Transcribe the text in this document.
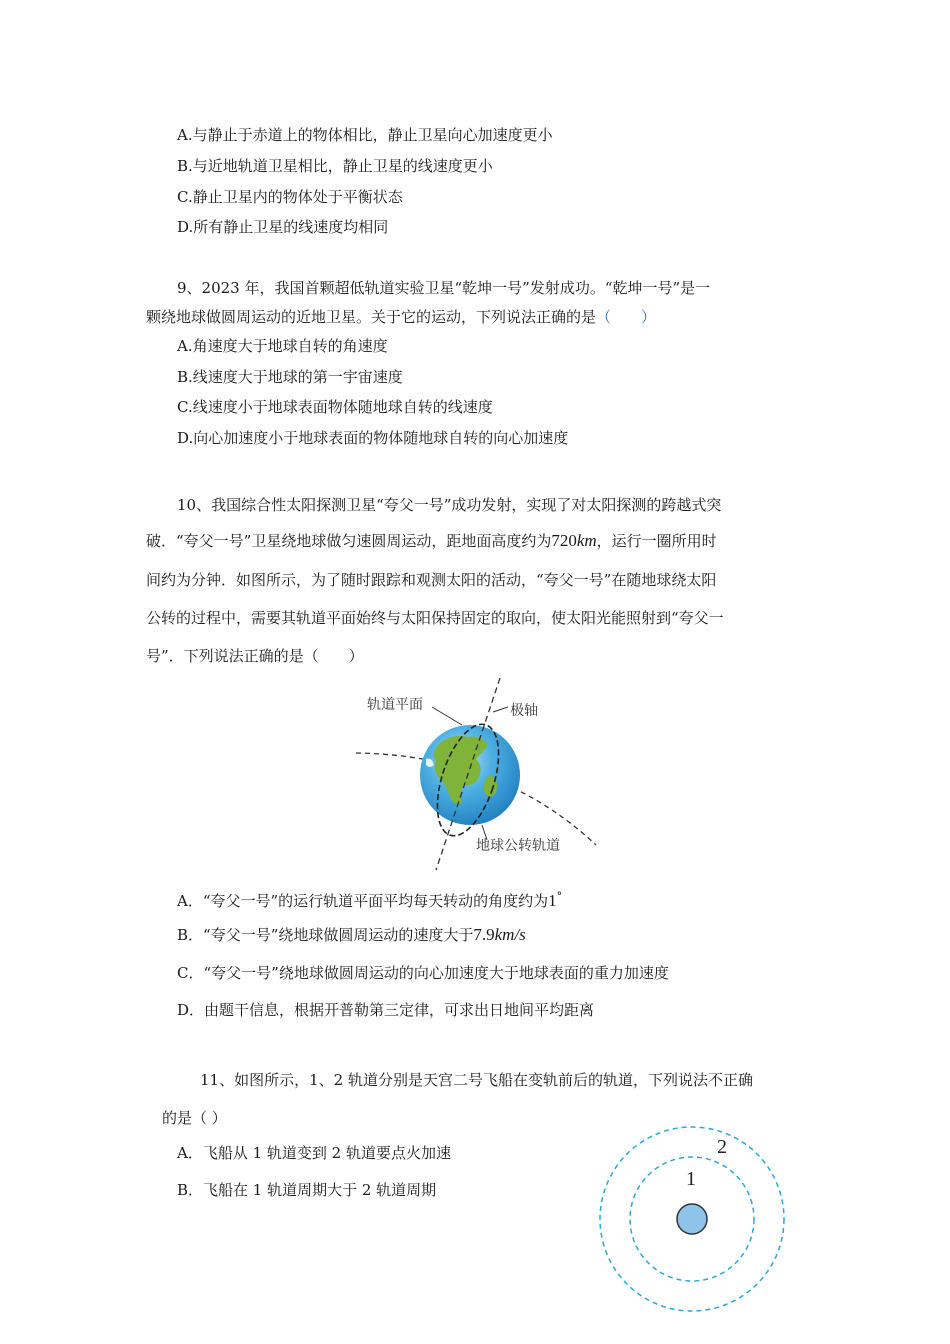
A.与静止于赤道上的物体相比，静止卫星向心加速度更小
B.与近地轨道卫星相比，静止卫星的线速度更小
C.静止卫星内的物体处于平衡状态
D.所有静止卫星的线速度均相同
9、2023 年，我国首颗超低轨道实验卫星“乾坤一号”发射成功。“乾坤一号”是一
颗绕地球做圆周运动的近地卫星。关于它的运动，下列说法正确的是（　　）
A.角速度大于地球自转的角速度
B.线速度大于地球的第一宇宙速度
C.线速度小于地球表面物体随地球自转的线速度
D.向心加速度小于地球表面的物体随地球自转的向心加速度
10、我国综合性太阳探测卫星“夸父一号”成功发射，实现了对太阳探测的跨越式突
破．“夸父一号”卫星绕地球做匀速圆周运动，距地面高度约为720km，运行一圈所用时
间约为分钟．如图所示，为了随时跟踪和观测太阳的活动，“夸父一号”在随地球绕太阳
公转的过程中，需要其轨道平面始终与太阳保持固定的取向，使太阳光能照射到“夸父一
号”．下列说法正确的是（　　）
轨道平面	极轴
地球公转轨道
A．“夸父一号”的运行轨道平面平均每天转动的角度约为1°
B．“夸父一号”绕地球做圆周运动的速度大于7.9km/s
C．“夸父一号”绕地球做圆周运动的向心加速度大于地球表面的重力加速度
D．由题干信息，根据开普勒第三定律，可求出日地间平均距离
11、如图所示，1、2 轨道分别是天宫二号飞船在变轨前后的轨道，下列说法不正确
的是（ ）
A．飞船从 1 轨道变到 2 轨道要点火加速
B．飞船在 1 轨道周期大于 2 轨道周期	1
2
